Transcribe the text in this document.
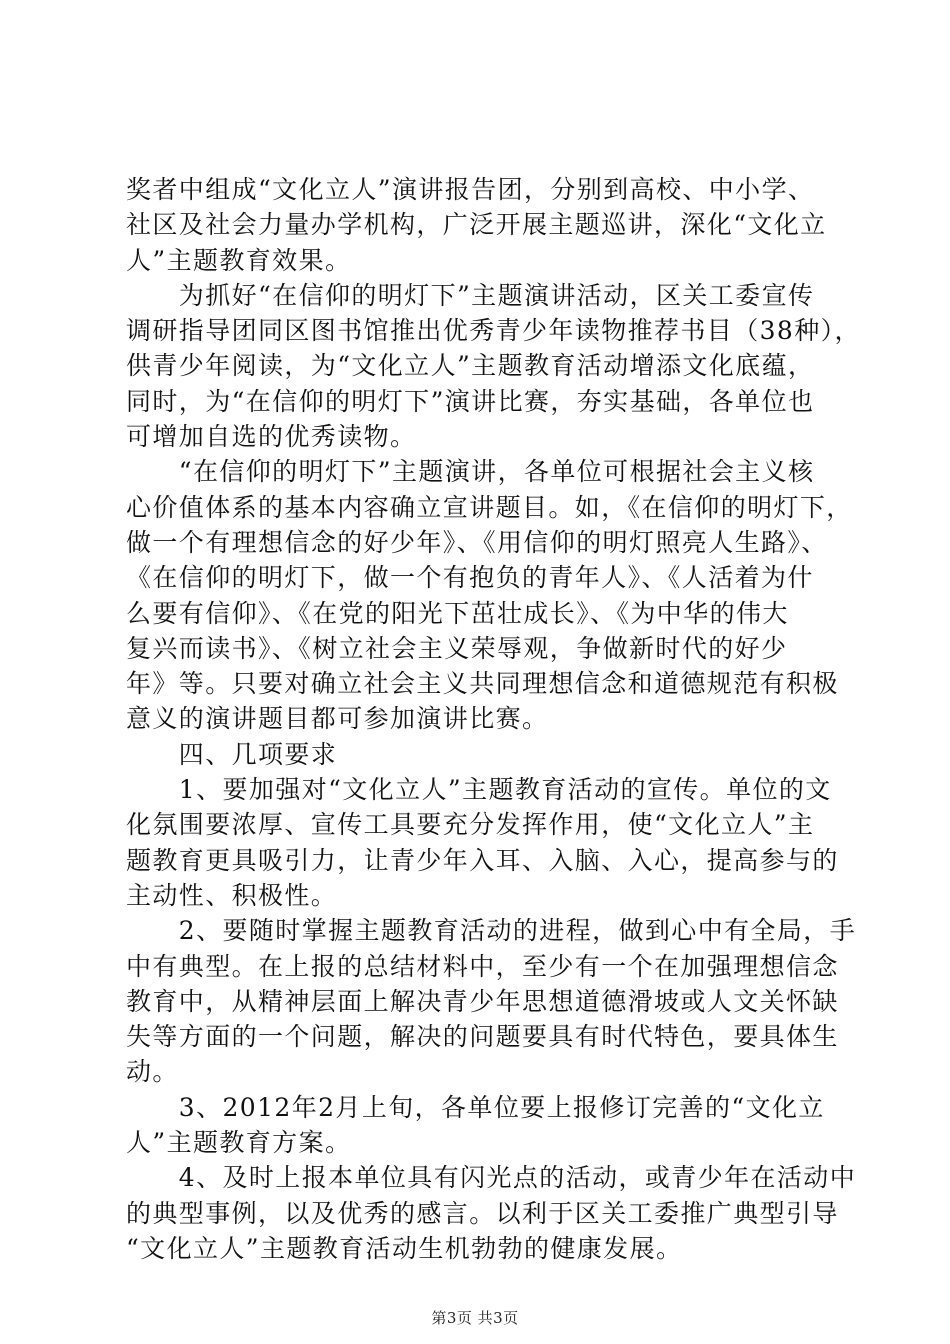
奖者中组成“文化立人”演讲报告团，分别到高校、中小学、
社区及社会力量办学机构，广泛开展主题巡讲，深化“文化立
人”主题教育效果。
　　为抓好“在信仰的明灯下”主题演讲活动，区关工委宣传
调研指导团同区图书馆推出优秀青少年读物推荐书目（38种），
供青少年阅读，为“文化立人”主题教育活动增添文化底蕴，
同时，为“在信仰的明灯下”演讲比赛，夯实基础，各单位也
可增加自选的优秀读物。
　　“在信仰的明灯下”主题演讲，各单位可根据社会主义核
心价值体系的基本内容确立宣讲题目。如，《在信仰的明灯下，
做一个有理想信念的好少年》、《用信仰的明灯照亮人生路》、
《在信仰的明灯下，做一个有抱负的青年人》、《人活着为什
么要有信仰》、《在党的阳光下茁壮成长》、《为中华的伟大
复兴而读书》、《树立社会主义荣辱观，争做新时代的好少
年》等。只要对确立社会主义共同理想信念和道德规范有积极
意义的演讲题目都可参加演讲比赛。
　　四、几项要求
　　1、要加强对“文化立人”主题教育活动的宣传。单位的文
化氛围要浓厚、宣传工具要充分发挥作用，使“文化立人”主
题教育更具吸引力，让青少年入耳、入脑、入心，提高参与的
主动性、积极性。
　　2、要随时掌握主题教育活动的进程，做到心中有全局，手
中有典型。在上报的总结材料中，至少有一个在加强理想信念
教育中，从精神层面上解决青少年思想道德滑坡或人文关怀缺
失等方面的一个问题，解决的问题要具有时代特色，要具体生
动。
　　3、2012年2月上旬，各单位要上报修订完善的“文化立
人”主题教育方案。
　　4、及时上报本单位具有闪光点的活动，或青少年在活动中
的典型事例，以及优秀的感言。以利于区关工委推广典型引导
“文化立人”主题教育活动生机勃勃的健康发展。
第3页 共3页
